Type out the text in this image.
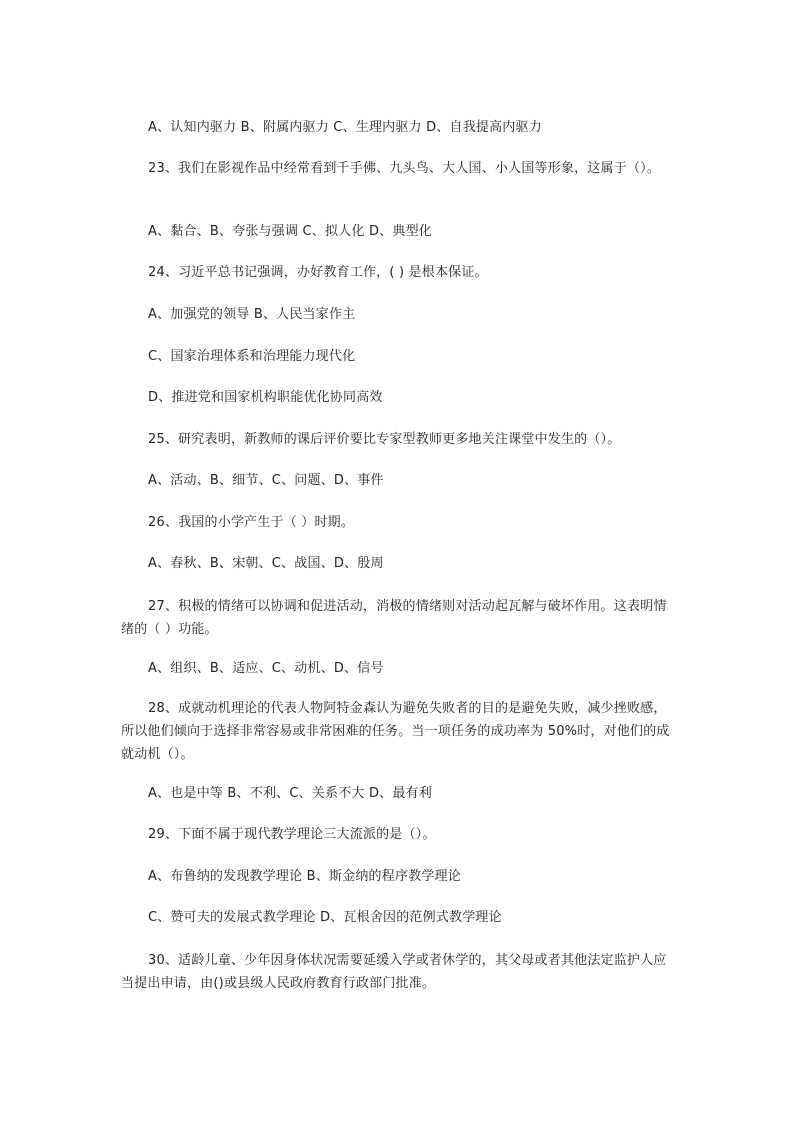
A、认知内驱力 B、附属内驱力 C、生理内驱力 D、自我提高内驱力
23、我们在影视作品中经常看到千手佛、九头鸟、大人国、小人国等形象，这属于（）。
A、黏合、B、夸张与强调 C、拟人化 D、典型化
24、习近平总书记强调，办好教育工作，( ) 是根本保证。
A、加强党的领导 B、人民当家作主
C、国家治理体系和治理能力现代化
D、推进党和国家机构职能优化协同高效
25、研究表明，新教师的课后评价要比专家型教师更多地关注课堂中发生的（）。
A、活动、B、细节、C、问题、D、事件
26、我国的小学产生于（ ）时期。
A、春秋、B、宋朝、C、战国、D、殷周
27、积极的情绪可以协调和促进活动，消极的情绪则对活动起瓦解与破坏作用。这表明情绪的（ ）功能。
A、组织、B、适应、C、动机、D、信号
28、成就动机理论的代表人物阿特金森认为避免失败者的目的是避免失败，减少挫败感，所以他们倾向于选择非常容易或非常困难的任务。当一项任务的成功率为 50%时，对他们的成就动机（）。
A、也是中等 B、不利、C、关系不大 D、最有利
29、下面不属于现代教学理论三大流派的是（）。
A、布鲁纳的发现教学理论 B、斯金纳的程序教学理论
C、赞可夫的发展式教学理论 D、瓦根舍因的范例式教学理论
30、适龄儿童、少年因身体状况需要延缓入学或者休学的，其父母或者其他法定监护人应当提出申请，由()或县级人民政府教育行政部门批准。
